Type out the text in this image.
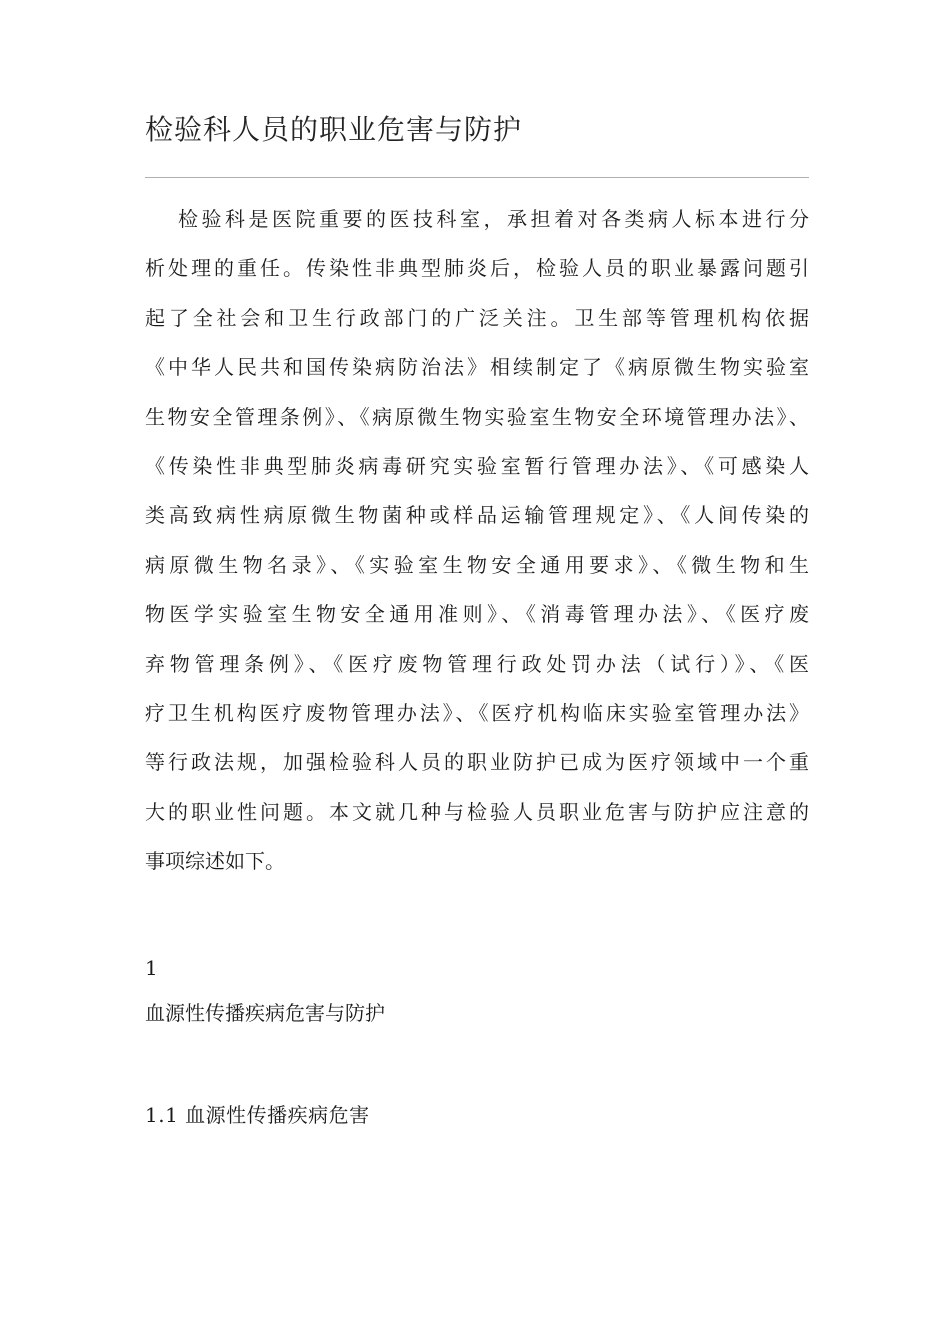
检验科人员的职业危害与防护
检验科是医院重要的医技科室，承担着对各类病人标本进行分
析处理的重任。传染性非典型肺炎后，检验人员的职业暴露问题引
起了全社会和卫生行政部门的广泛关注。卫生部等管理机构依据
《中华人民共和国传染病防治法》相续制定了《病原微生物实验室
生物安全管理条例》、《病原微生物实验室生物安全环境管理办法》、
《传染性非典型肺炎病毒研究实验室暂行管理办法》、《可感染人
类高致病性病原微生物菌种或样品运输管理规定》、《人间传染的
病原微生物名录》、《实验室生物安全通用要求》、《微生物和生
物医学实验室生物安全通用准则》、《消毒管理办法》、《医疗废
弃物管理条例》、《医疗废物管理行政处罚办法（试行）》、《医
疗卫生机构医疗废物管理办法》、《医疗机构临床实验室管理办法》
等行政法规，加强检验科人员的职业防护已成为医疗领域中一个重
大的职业性问题。本文就几种与检验人员职业危害与防护应注意的
事项综述如下。
1
血源性传播疾病危害与防护
1.1 血源性传播疾病危害
